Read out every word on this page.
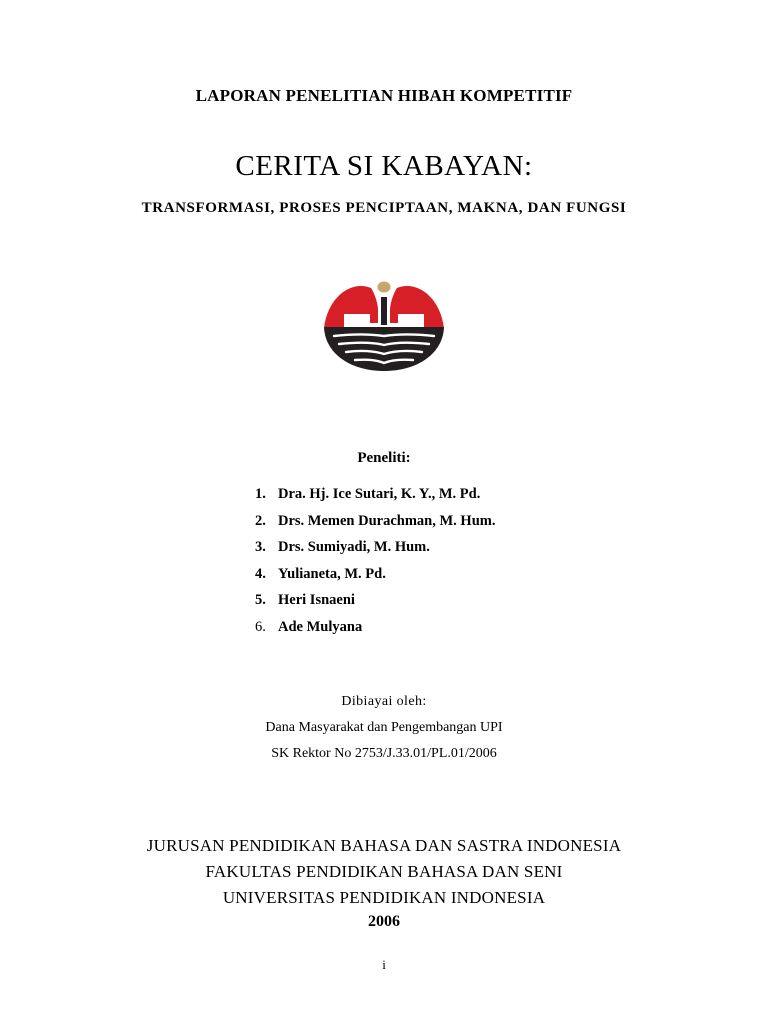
LAPORAN PENELITIAN HIBAH KOMPETITIF
CERITA SI KABAYAN:
TRANSFORMASI, PROSES PENCIPTAAN, MAKNA, DAN FUNGSI
Peneliti:
1. Dra. Hj. Ice Sutari, K. Y., M. Pd.
2. Drs. Memen Durachman, M. Hum.
3. Drs. Sumiyadi, M. Hum.
4. Yulianeta, M. Pd.
5. Heri Isnaeni
6. Ade Mulyana
Dibiayai oleh:
Dana Masyarakat dan Pengembangan UPI
SK Rektor No 2753/J.33.01/PL.01/2006
JURUSAN PENDIDIKAN BAHASA DAN SASTRA INDONESIA
FAKULTAS PENDIDIKAN BAHASA DAN SENI
UNIVERSITAS PENDIDIKAN INDONESIA
2006
i
